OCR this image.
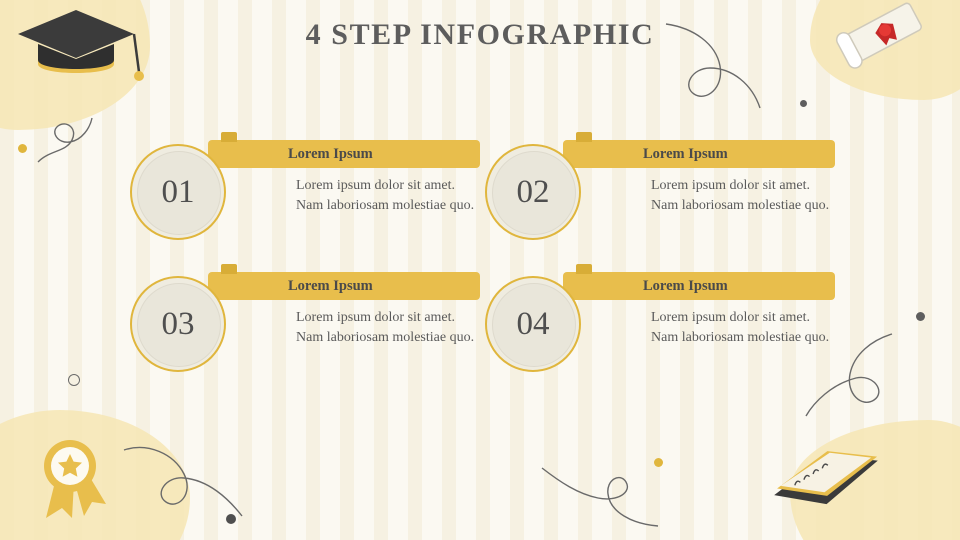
4 STEP INFOGRAPHIC
Lorem Ipsum
Lorem ipsum dolor sit amet. Nam laboriosam molestiae quo.
01
Lorem Ipsum
Lorem ipsum dolor sit amet. Nam laboriosam molestiae quo.
02
Lorem Ipsum
Lorem ipsum dolor sit amet. Nam laboriosam molestiae quo.
03
Lorem Ipsum
Lorem ipsum dolor sit amet. Nam laboriosam molestiae quo.
04
